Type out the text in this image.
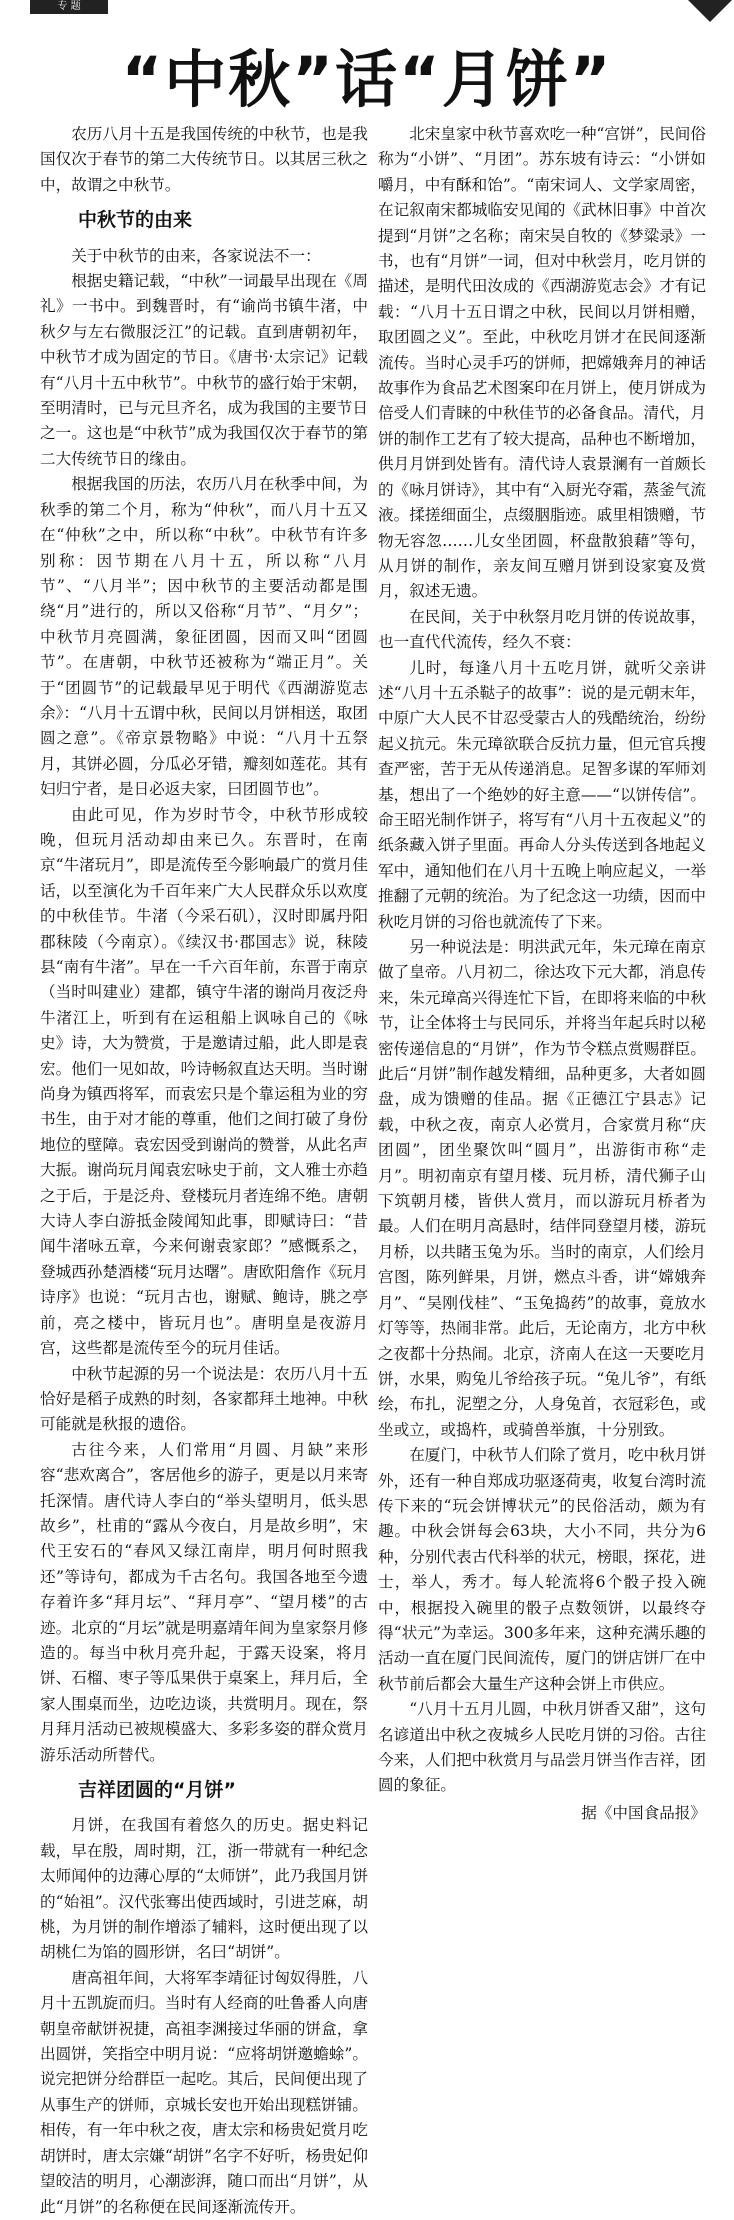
专 题
“中秋”话“月饼”

农历八月十五是我国传统的中秋节，也是我国仅次于春节的第二大传统节日。以其居三秋之中，故谓之中秋节。

中秋节的由来

关于中秋节的由来，各家说法不一：

根据史籍记载，“中秋”一词最早出现在《周礼》一书中。到魏晋时，有“谕尚书镇牛渚，中秋夕与左右微服泛江”的记载。直到唐朝初年，中秋节才成为固定的节日。《唐书·太宗记》记载有“八月十五中秋节”。中秋节的盛行始于宋朝，至明清时，已与元旦齐名，成为我国的主要节日之一。这也是“中秋节”成为我国仅次于春节的第二大传统节日的缘由。

根据我国的历法，农历八月在秋季中间，为秋季的第二个月，称为“仲秋”，而八月十五又在“仲秋”之中，所以称“中秋”。中秋节有许多别称：因节期在八月十五，所以称“八月节”、“八月半”；因中秋节的主要活动都是围绕“月”进行的，所以又俗称“月节”、“月夕”；中秋节月亮圆满，象征团圆，因而又叫“团圆节”。在唐朝，中秋节还被称为“端正月”。关于“团圆节”的记载最早见于明代《西湖游览志余》：“八月十五谓中秋，民间以月饼相送，取团圆之意”。《帝京景物略》中说：“八月十五祭月，其饼必圆，分瓜必牙错，瓣刻如莲花。其有妇归宁者，是日必返夫家，曰团圆节也”。

由此可见，作为岁时节令，中秋节形成较晚，但玩月活动却由来已久。东晋时，在南京“牛渚玩月”，即是流传至今影响最广的赏月佳话，以至演化为千百年来广大人民群众乐以欢度的中秋佳节。牛渚（今采石矶），汉时即属丹阳郡秣陵（今南京）。《续汉书·郡国志》说，秣陵县“南有牛渚”。早在一千六百年前，东晋于南京（当时叫建业）建都，镇守牛渚的谢尚月夜泛舟牛渚江上，听到有在运租船上讽咏自己的《咏史》诗，大为赞赏，于是邀请过船，此人即是袁宏。他们一见如故，吟诗畅叙直达天明。当时谢尚身为镇西将军，而袁宏只是个靠运租为业的穷书生，由于对才能的尊重，他们之间打破了身份地位的壁障。袁宏因受到谢尚的赞誉，从此名声大振。谢尚玩月闻袁宏咏史于前，文人雅士亦趋之于后，于是泛舟、登楼玩月者连绵不绝。唐朝大诗人李白游抵金陵闻知此事，即赋诗曰：“昔闻牛渚咏五章，今来何谢袁家郎？”感慨系之，登城西孙楚酒楼“玩月达曙”。唐欧阳詹作《玩月诗序》也说：“玩月古也，谢赋、鲍诗，朓之亭前，亮之楼中，皆玩月也”。唐明皇是夜游月宫，这些都是流传至今的玩月佳话。

中秋节起源的另一个说法是：农历八月十五恰好是稻子成熟的时刻，各家都拜土地神。中秋可能就是秋报的遗俗。

古往今来，人们常用“月圆、月缺”来形容“悲欢离合”，客居他乡的游子，更是以月来寄托深情。唐代诗人李白的“举头望明月，低头思故乡”，杜甫的“露从今夜白，月是故乡明”，宋代王安石的“春风又绿江南岸，明月何时照我还”等诗句，都成为千古名句。我国各地至今遗存着许多“拜月坛”、“拜月亭”、“望月楼”的古迹。北京的“月坛”就是明嘉靖年间为皇家祭月修造的。每当中秋月亮升起，于露天设案，将月饼、石榴、枣子等瓜果供于桌案上，拜月后，全家人围桌而坐，边吃边谈，共赏明月。现在，祭月拜月活动已被规模盛大、多彩多姿的群众赏月游乐活动所替代。

吉祥团圆的“月饼”

月饼，在我国有着悠久的历史。据史料记载，早在殷，周时期，江，浙一带就有一种纪念太师闻仲的边薄心厚的“太师饼”，此乃我国月饼的“始祖”。汉代张骞出使西域时，引进芝麻，胡桃，为月饼的制作增添了辅料，这时便出现了以胡桃仁为馅的圆形饼，名曰“胡饼”。

唐高祖年间，大将军李靖征讨匈奴得胜，八月十五凯旋而归。当时有人经商的吐鲁番人向唐朝皇帝献饼祝捷，高祖李渊接过华丽的饼盒，拿出圆饼，笑指空中明月说：“应将胡饼邀蟾蜍”。说完把饼分给群臣一起吃。其后，民间便出现了从事生产的饼师，京城长安也开始出现糕饼铺。相传，有一年中秋之夜，唐太宗和杨贵妃赏月吃胡饼时，唐太宗嫌“胡饼”名字不好听，杨贵妃仰望皎洁的明月，心潮澎湃，随口而出“月饼”，从此“月饼”的名称便在民间逐渐流传开。

北宋皇家中秋节喜欢吃一种“宫饼”，民间俗称为“小饼”、“月团”。苏东坡有诗云：“小饼如嚼月，中有酥和饴”。“南宋词人、文学家周密，在记叙南宋都城临安见闻的《武林旧事》中首次提到“月饼”之名称；南宋吴自牧的《梦粱录》一书，也有“月饼”一词，但对中秋尝月，吃月饼的描述，是明代田汝成的《西湖游览志会》才有记载：“八月十五日谓之中秋，民间以月饼相赠，取团圆之义”。至此，中秋吃月饼才在民间逐渐流传。当时心灵手巧的饼师，把嫦娥奔月的神话故事作为食品艺术图案印在月饼上，使月饼成为倍受人们青睐的中秋佳节的必备食品。清代，月饼的制作工艺有了较大提高，品种也不断增加，供月月饼到处皆有。清代诗人袁景澜有一首颇长的《咏月饼诗》，其中有“入厨光夺霜，蒸釜气流液。揉搓细面尘，点缀胭脂迹。戚里相馈赠，节物无容忽……儿女坐团圆，杯盘散狼藉”等句，从月饼的制作，亲友间互赠月饼到设家宴及赏月，叙述无遗。

在民间，关于中秋祭月吃月饼的传说故事，也一直代代流传，经久不衰：

儿时，每逢八月十五吃月饼，就听父亲讲述“八月十五杀鞑子的故事”：说的是元朝末年，中原广大人民不甘忍受蒙古人的残酷统治，纷纷起义抗元。朱元璋欲联合反抗力量，但元官兵搜查严密，苦于无从传递消息。足智多谋的军师刘基，想出了一个绝妙的好主意——“以饼传信”。命王昭光制作饼子，将写有“八月十五夜起义”的纸条藏入饼子里面。再命人分头传送到各地起义军中，通知他们在八月十五晚上响应起义，一举推翻了元朝的统治。为了纪念这一功绩，因而中秋吃月饼的习俗也就流传了下来。

另一种说法是：明洪武元年，朱元璋在南京做了皇帝。八月初二，徐达攻下元大都，消息传来，朱元璋高兴得连忙下旨，在即将来临的中秋节，让全体将士与民同乐，并将当年起兵时以秘密传递信息的“月饼”，作为节令糕点赏赐群臣。此后“月饼”制作越发精细，品种更多，大者如圆盘，成为馈赠的佳品。据《正德江宁县志》记载，中秋之夜，南京人必赏月，合家赏月称“庆团圆”，团坐聚饮叫“圆月”，出游街市称“走月”。明初南京有望月楼、玩月桥，清代狮子山下筑朝月楼，皆供人赏月，而以游玩月桥者为最。人们在明月高悬时，结伴同登望月楼，游玩月桥，以共睹玉兔为乐。当时的南京，人们绘月宫图，陈列鲜果，月饼，燃点斗香，讲“嫦娥奔月”、“吴刚伐桂”、“玉兔捣药”的故事，竟放水灯等等，热闹非常。此后，无论南方，北方中秋之夜都十分热闹。北京，济南人在这一天要吃月饼，水果，购兔儿爷给孩子玩。“兔儿爷”，有纸绘，布扎，泥塑之分，人身兔首，衣冠彩色，或坐或立，或捣杵，或骑兽举旗，十分别致。

在厦门，中秋节人们除了赏月，吃中秋月饼外，还有一种自郑成功驱逐荷夷，收复台湾时流传下来的“玩会饼博状元”的民俗活动，颇为有趣。中秋会饼每会63块，大小不同，共分为6种，分别代表古代科举的状元，榜眼，探花，进士，举人，秀才。每人轮流将6个骰子投入碗中，根据投入碗里的骰子点数领饼，以最终夺得“状元”为幸运。300多年来，这种充满乐趣的活动一直在厦门民间流传，厦门的饼店饼厂在中秋节前后都会大量生产这种会饼上市供应。

“八月十五月儿圆，中秋月饼香又甜”，这句名谚道出中秋之夜城乡人民吃月饼的习俗。古往今来，人们把中秋赏月与品尝月饼当作吉祥，团圆的象征。

据《中国食品报》
